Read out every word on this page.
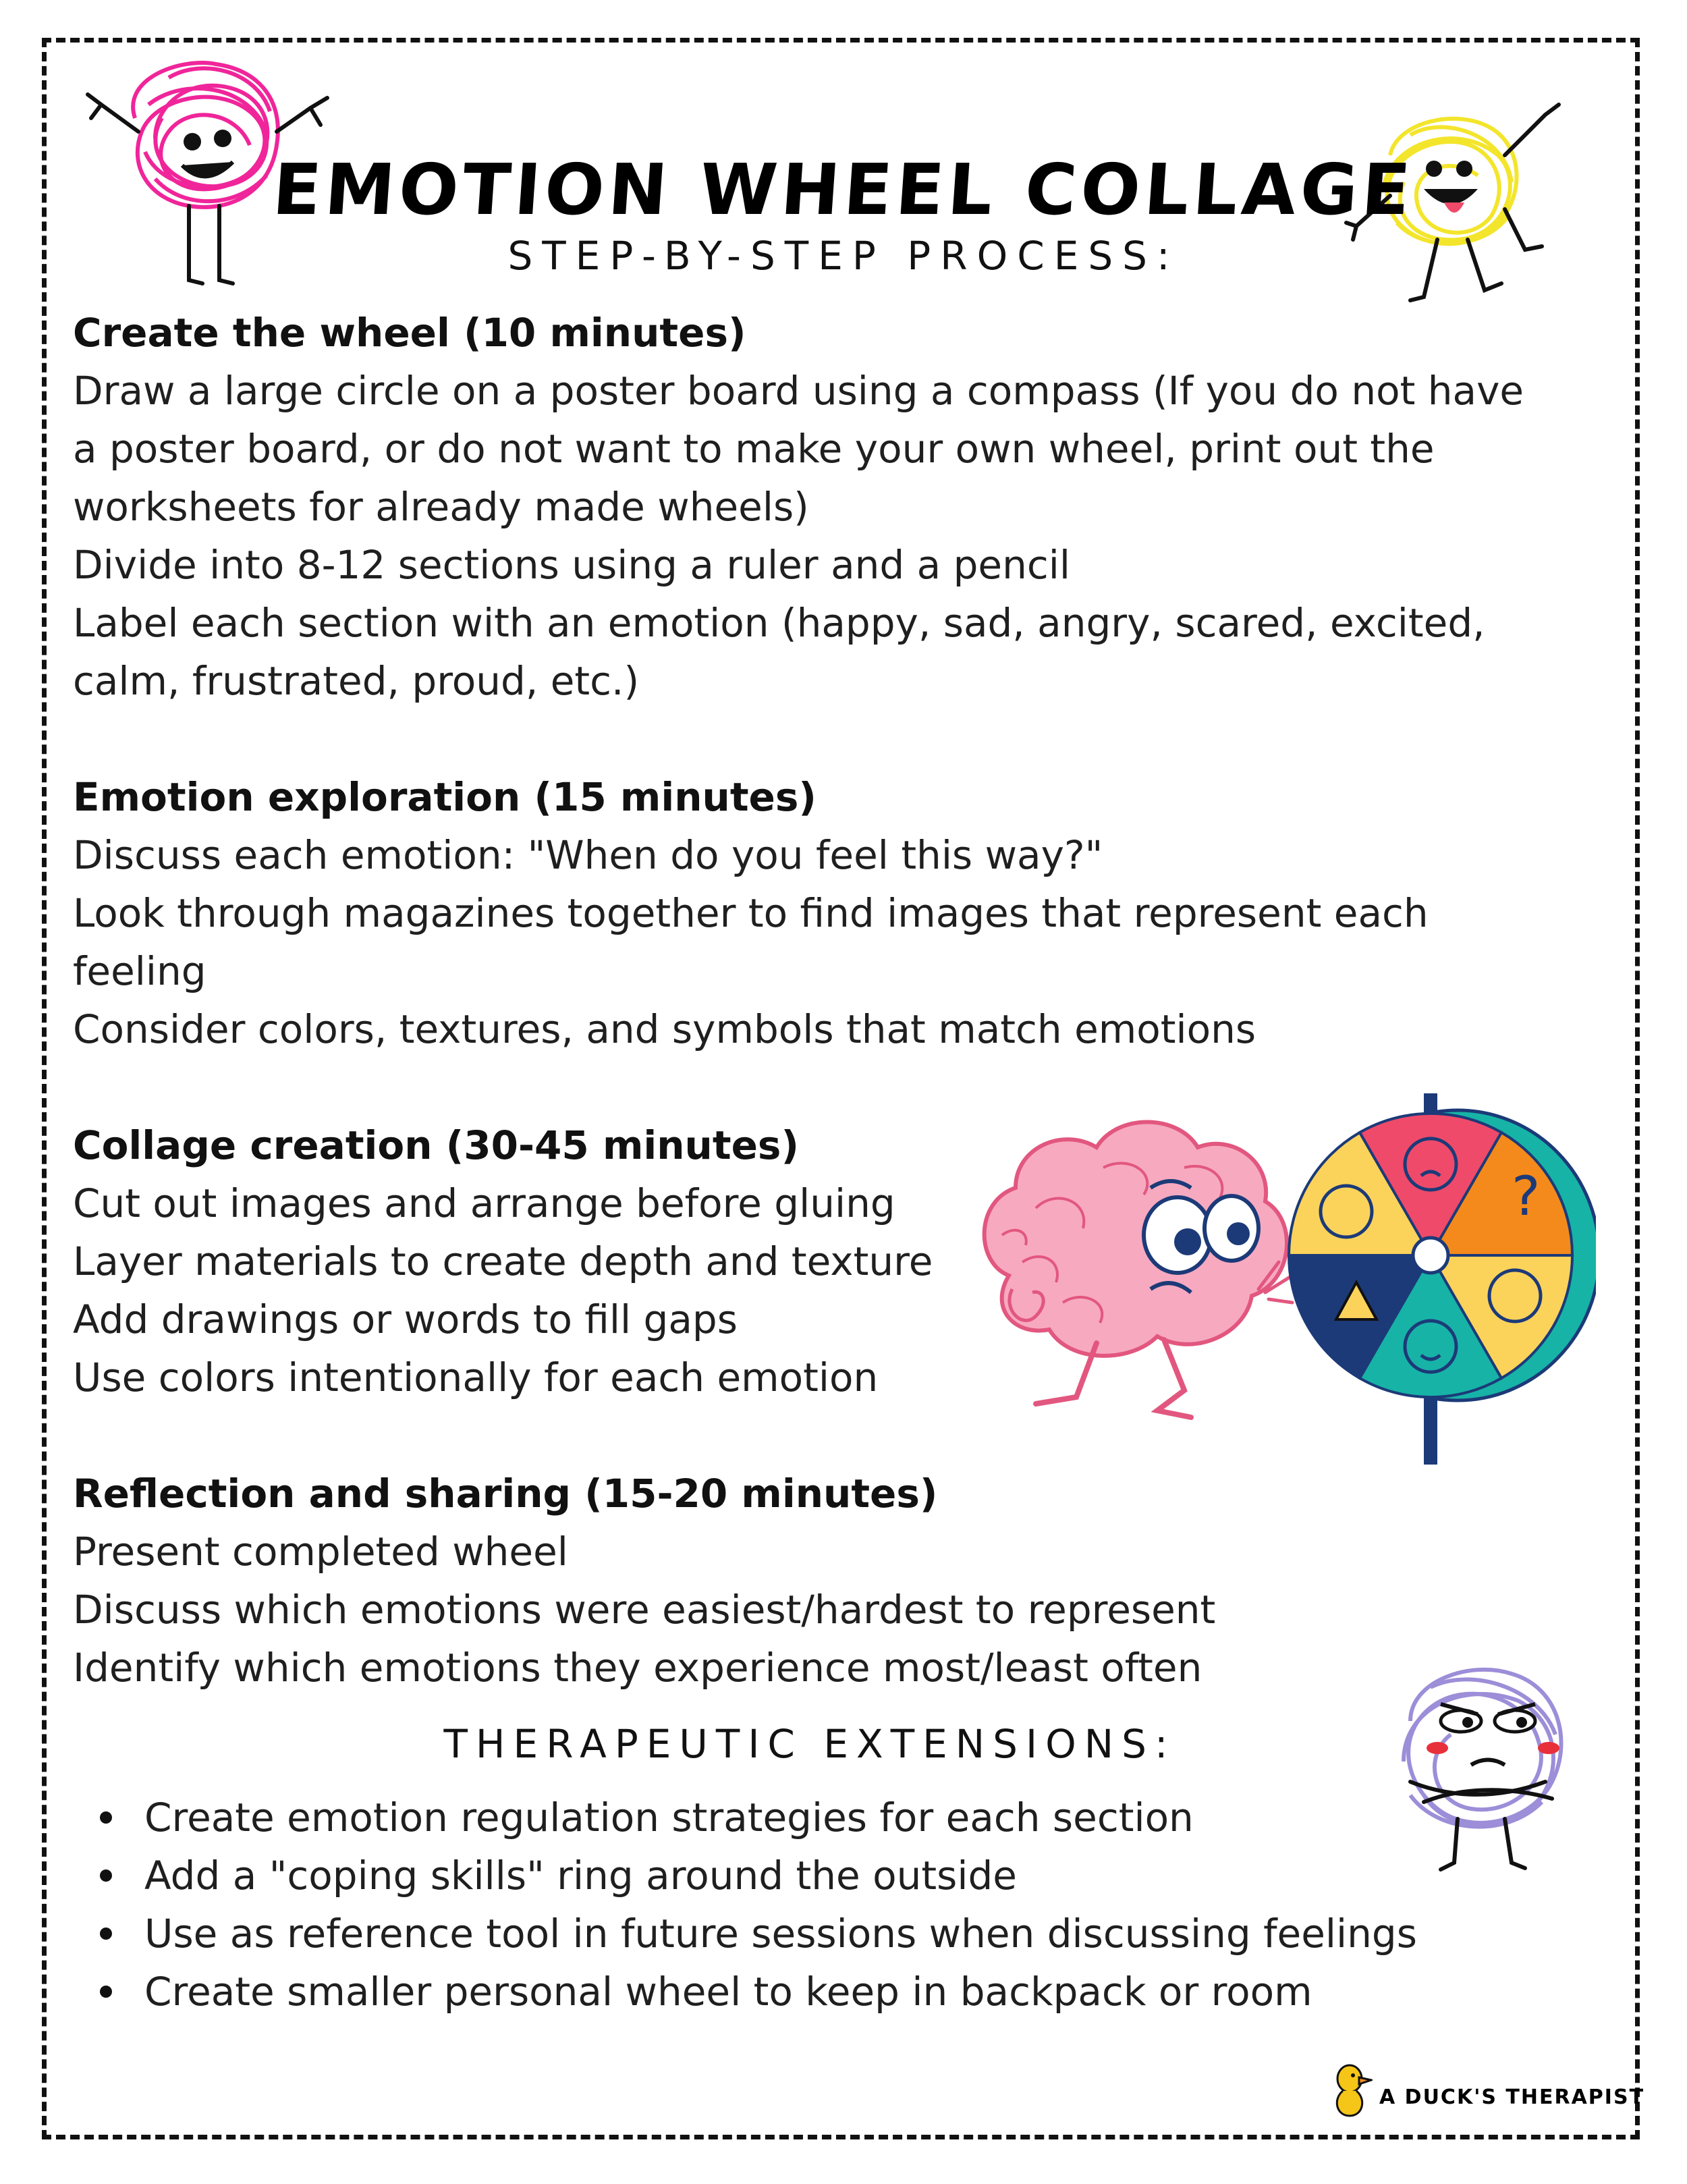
EMOTION WHEEL COLLAGE
STEP-BY-STEP PROCESS:
Create the wheel (10 minutes)
Draw a large circle on a poster board using a compass (If you do not have
a poster board, or do not want to make your own wheel, print out the
worksheets for already made wheels)
Divide into 8-12 sections using a ruler and a pencil
Label each section with an emotion (happy, sad, angry, scared, excited,
calm, frustrated, proud, etc.)
Emotion exploration (15 minutes)
Discuss each emotion: "When do you feel this way?"
Look through magazines together to find images that represent each
feeling
Consider colors, textures, and symbols that match emotions
Collage creation (30-45 minutes)
Cut out images and arrange before gluing
Layer materials to create depth and texture
Add drawings or words to fill gaps
Use colors intentionally for each emotion
Reflection and sharing (15-20 minutes)
Present completed wheel
Discuss which emotions were easiest/hardest to represent
Identify which emotions they experience most/least often
?
THERAPEUTIC EXTENSIONS:
Create emotion regulation strategies for each section
Add a "coping skills" ring around the outside
Use as reference tool in future sessions when discussing feelings
Create smaller personal wheel to keep in backpack or room
A DUCK'S THERAPIST
